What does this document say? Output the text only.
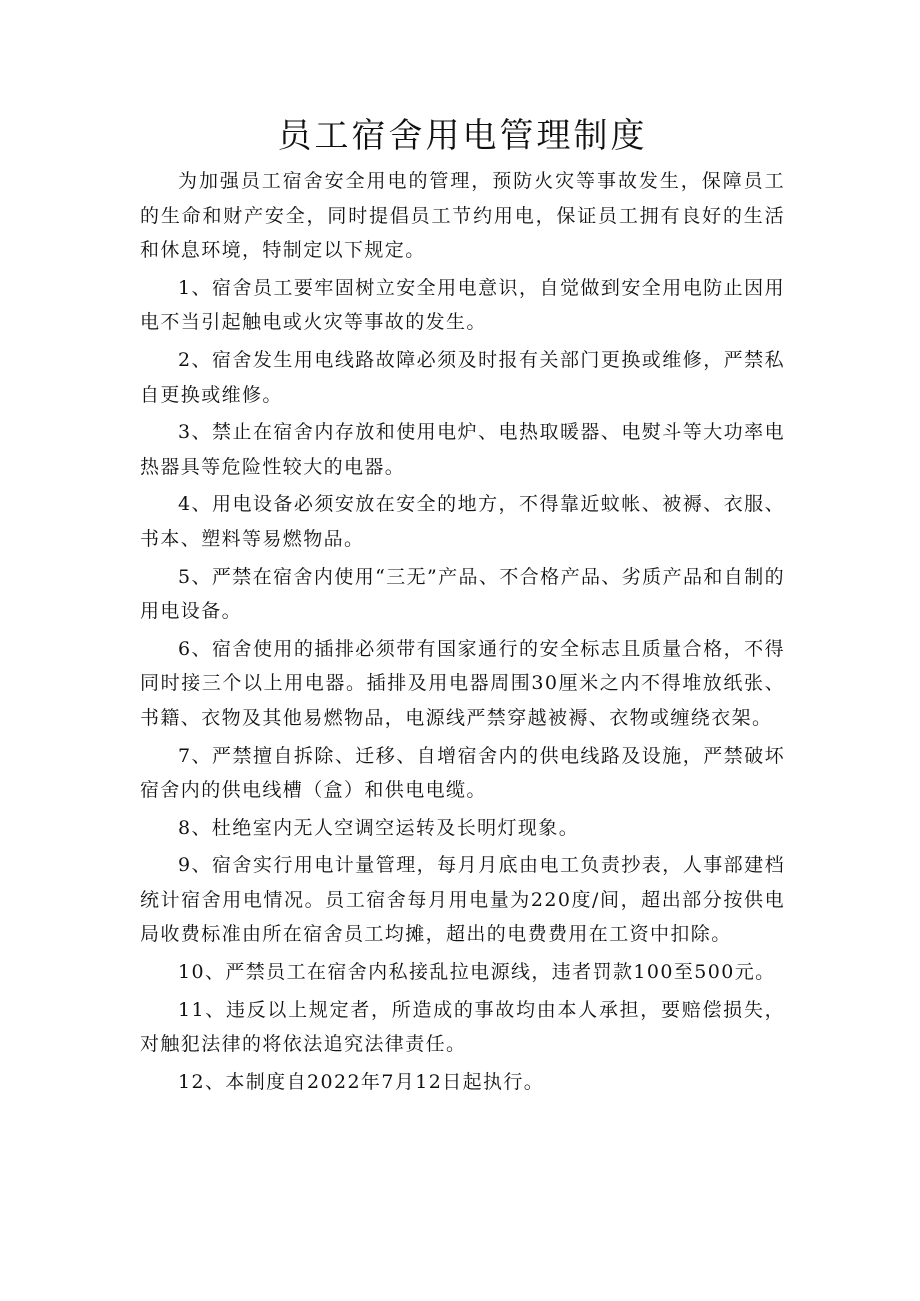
员工宿舍用电管理制度

为加强员工宿舍安全用电的管理，预防火灾等事故发生，保障员工的生命和财产安全，同时提倡员工节约用电，保证员工拥有良好的生活和休息环境，特制定以下规定。

1、宿舍员工要牢固树立安全用电意识，自觉做到安全用电防止因用电不当引起触电或火灾等事故的发生。

2、宿舍发生用电线路故障必须及时报有关部门更换或维修，严禁私自更换或维修。

3、禁止在宿舍内存放和使用电炉、电热取暖器、电熨斗等大功率电热器具等危险性较大的电器。

4、用电设备必须安放在安全的地方，不得靠近蚊帐、被褥、衣服、书本、塑料等易燃物品。

5、严禁在宿舍内使用“三无”产品、不合格产品、劣质产品和自制的用电设备。

6、宿舍使用的插排必须带有国家通行的安全标志且质量合格，不得同时接三个以上用电器。插排及用电器周围30厘米之内不得堆放纸张、书籍、衣物及其他易燃物品，电源线严禁穿越被褥、衣物或缠绕衣架。

7、严禁擅自拆除、迁移、自增宿舍内的供电线路及设施，严禁破坏宿舍内的供电线槽（盒）和供电电缆。

8、杜绝室内无人空调空运转及长明灯现象。

9、宿舍实行用电计量管理，每月月底由电工负责抄表，人事部建档统计宿舍用电情况。员工宿舍每月用电量为220度/间，超出部分按供电局收费标准由所在宿舍员工均摊，超出的电费费用在工资中扣除。

10、严禁员工在宿舍内私接乱拉电源线，违者罚款100至500元。

11、违反以上规定者，所造成的事故均由本人承担，要赔偿损失，对触犯法律的将依法追究法律责任。

12、本制度自2022年7月12日起执行。
